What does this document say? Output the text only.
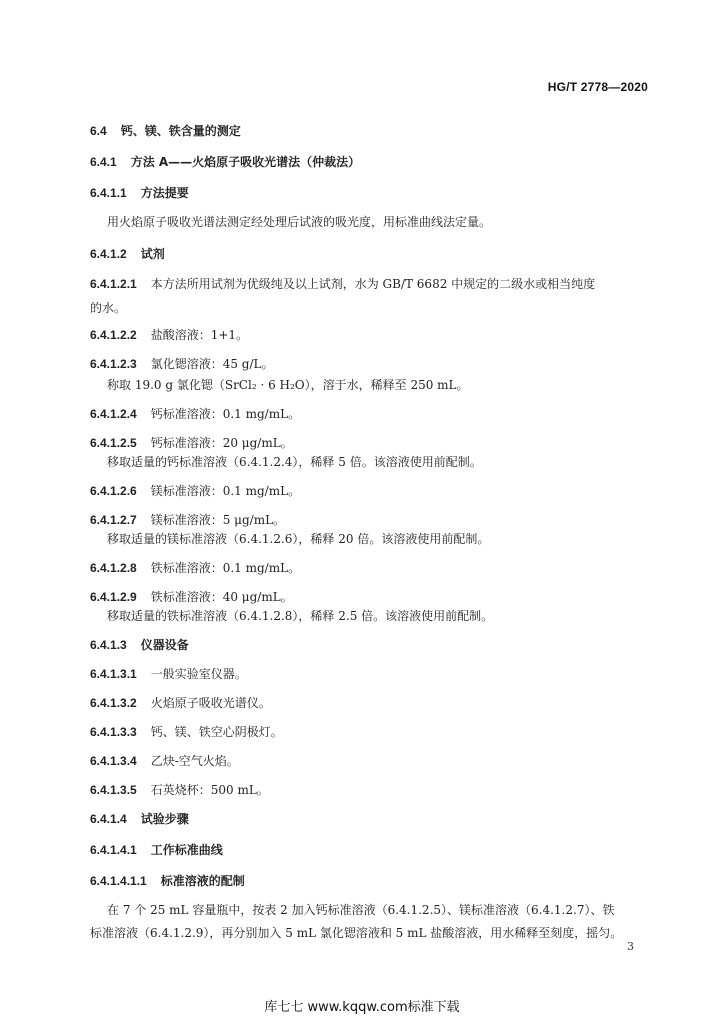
HG/T 2778—2020
6.4 钙、镁、铁含量的测定
6.4.1 方法 A——火焰原子吸收光谱法（仲裁法）
6.4.1.1 方法提要
用火焰原子吸收光谱法测定经处理后试液的吸光度，用标准曲线法定量。
6.4.1.2 试剂
6.4.1.2.1 本方法所用试剂为优级纯及以上试剂，水为 GB/T 6682 中规定的二级水或相当纯度
的水。
6.4.1.2.2 盐酸溶液：1+1。
6.4.1.2.3 氯化锶溶液：45 g/L。
称取 19.0 g 氯化锶（SrCl₂ · 6 H₂O），溶于水，稀释至 250 mL。
6.4.1.2.4 钙标准溶液：0.1 mg/mL。
6.4.1.2.5 钙标准溶液：20 μg/mL。
移取适量的钙标准溶液（6.4.1.2.4），稀释 5 倍。该溶液使用前配制。
6.4.1.2.6 镁标准溶液：0.1 mg/mL。
6.4.1.2.7 镁标准溶液：5 μg/mL。
移取适量的镁标准溶液（6.4.1.2.6），稀释 20 倍。该溶液使用前配制。
6.4.1.2.8 铁标准溶液：0.1 mg/mL。
6.4.1.2.9 铁标准溶液：40 μg/mL。
移取适量的铁标准溶液（6.4.1.2.8），稀释 2.5 倍。该溶液使用前配制。
6.4.1.3 仪器设备
6.4.1.3.1 一般实验室仪器。
6.4.1.3.2 火焰原子吸收光谱仪。
6.4.1.3.3 钙、镁、铁空心阴极灯。
6.4.1.3.4 乙炔-空气火焰。
6.4.1.3.5 石英烧杯：500 mL。
6.4.1.4 试验步骤
6.4.1.4.1 工作标准曲线
6.4.1.4.1.1 标准溶液的配制
在 7 个 25 mL 容量瓶中，按表 2 加入钙标准溶液（6.4.1.2.5）、镁标准溶液（6.4.1.2.7）、铁
标准溶液（6.4.1.2.9），再分别加入 5 mL 氯化锶溶液和 5 mL 盐酸溶液，用水稀释至刻度，摇匀。
3
库七七 www.kqqw.com标准下载
